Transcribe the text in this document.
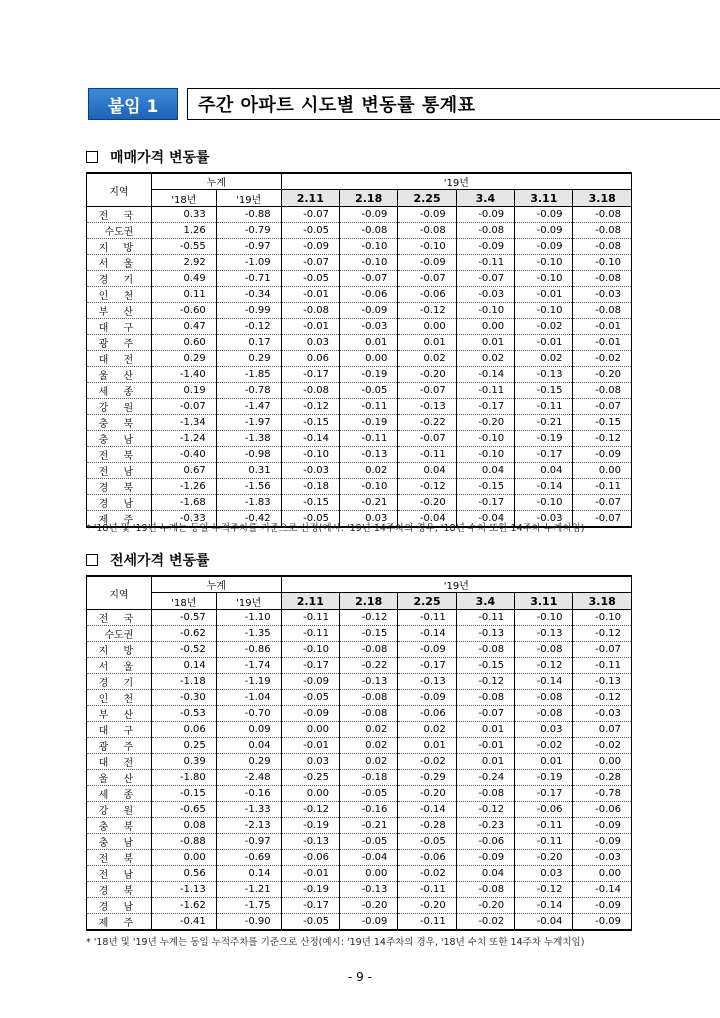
붙임 1	주간 아파트 시도별 변동률 통계표
매매가격 변동률
지역	누계		'19년					
	'18년	'19년	2.11	2.18	2.25	3.4	3.11	3.18
전 국	0.33	-0.88	-0.07	-0.09	-0.09	-0.09	-0.09	-0.08
수도권	1.26	-0.79	-0.05	-0.08	-0.08	-0.08	-0.09	-0.08
지 방	-0.55	-0.97	-0.09	-0.10	-0.10	-0.09	-0.09	-0.08
서 울	2.92	-1.09	-0.07	-0.10	-0.09	-0.11	-0.10	-0.10
경 기	0.49	-0.71	-0.05	-0.07	-0.07	-0.07	-0.10	-0.08
인 천	0.11	-0.34	-0.01	-0.06	-0.06	-0.03	-0.01	-0.03
부 산	-0.60	-0.99	-0.08	-0.09	-0.12	-0.10	-0.10	-0.08
대 구	0.47	-0.12	-0.01	-0.03	0.00	0.00	-0.02	-0.01
광 주	0.60	0.17	0.03	0.01	0.01	0.01	-0.01	-0.01
대 전	0.29	0.29	0.06	0.00	0.02	0.02	0.02	-0.02
울 산	-1.40	-1.85	-0.17	-0.19	-0.20	-0.14	-0.13	-0.20
세 종	0.19	-0.78	-0.08	-0.05	-0.07	-0.11	-0.15	-0.08
강 원	-0.07	-1.47	-0.12	-0.11	-0.13	-0.17	-0.11	-0.07
충 북	-1.34	-1.97	-0.15	-0.19	-0.22	-0.20	-0.21	-0.15
충 남	-1.24	-1.38	-0.14	-0.11	-0.07	-0.10	-0.19	-0.12
전 북	-0.40	-0.98	-0.10	-0.13	-0.11	-0.10	-0.17	-0.09
전 남	0.67	0.31	-0.03	0.02	0.04	0.04	0.04	0.00
경 북	-1.26	-1.56	-0.18	-0.10	-0.12	-0.15	-0.14	-0.11
경 남	-1.68	-1.83	-0.15	-0.21	-0.20	-0.17	-0.10	-0.07
제 주	-0.33	-0.42	-0.05	0.03	-0.04	-0.04	-0.03	-0.07
* '18년 및 '19년 누계는 동일 누적주차를 기준으로 산정(예시: '19년 14주차의 경우, '18년 수치 또한 14주차 누계치임)
전세가격 변동률
지역	누계		'19년					
	'18년	'19년	2.11	2.18	2.25	3.4	3.11	3.18
전 국	-0.57	-1.10	-0.11	-0.12	-0.11	-0.11	-0.10	-0.10
수도권	-0.62	-1.35	-0.11	-0.15	-0.14	-0.13	-0.13	-0.12
지 방	-0.52	-0.86	-0.10	-0.08	-0.09	-0.08	-0.08	-0.07
서 울	0.14	-1.74	-0.17	-0.22	-0.17	-0.15	-0.12	-0.11
경 기	-1.18	-1.19	-0.09	-0.13	-0.13	-0.12	-0.14	-0.13
인 천	-0.30	-1.04	-0.05	-0.08	-0.09	-0.08	-0.08	-0.12
부 산	-0.53	-0.70	-0.09	-0.08	-0.06	-0.07	-0.08	-0.03
대 구	0.06	0.09	0.00	0.02	0.02	0.01	0.03	0.07
광 주	0.25	0.04	-0.01	0.02	0.01	-0.01	-0.02	-0.02
대 전	0.39	0.29	0.03	0.02	-0.02	0.01	0.01	0.00
울 산	-1.80	-2.48	-0.25	-0.18	-0.29	-0.24	-0.19	-0.28
세 종	-0.15	-0.16	0.00	-0.05	-0.20	-0.08	-0.17	-0.78
강 원	-0.65	-1.33	-0.12	-0.16	-0.14	-0.12	-0.06	-0.06
충 북	0.08	-2.13	-0.19	-0.21	-0.28	-0.23	-0.11	-0.09
충 남	-0.88	-0.97	-0.13	-0.05	-0.05	-0.06	-0.11	-0.09
전 북	0.00	-0.69	-0.06	-0.04	-0.06	-0.09	-0.20	-0.03
전 남	0.56	0.14	-0.01	0.00	-0.02	0.04	0.03	0.00
경 북	-1.13	-1.21	-0.19	-0.13	-0.11	-0.08	-0.12	-0.14
경 남	-1.62	-1.75	-0.17	-0.20	-0.20	-0.20	-0.14	-0.09
제 주	-0.41	-0.90	-0.05	-0.09	-0.11	-0.02	-0.04	-0.09
* '18년 및 '19년 누계는 동일 누적주차를 기준으로 산정(예시: '19년 14주차의 경우, '18년 수치 또한 14주차 누계치임)
- 9 -
